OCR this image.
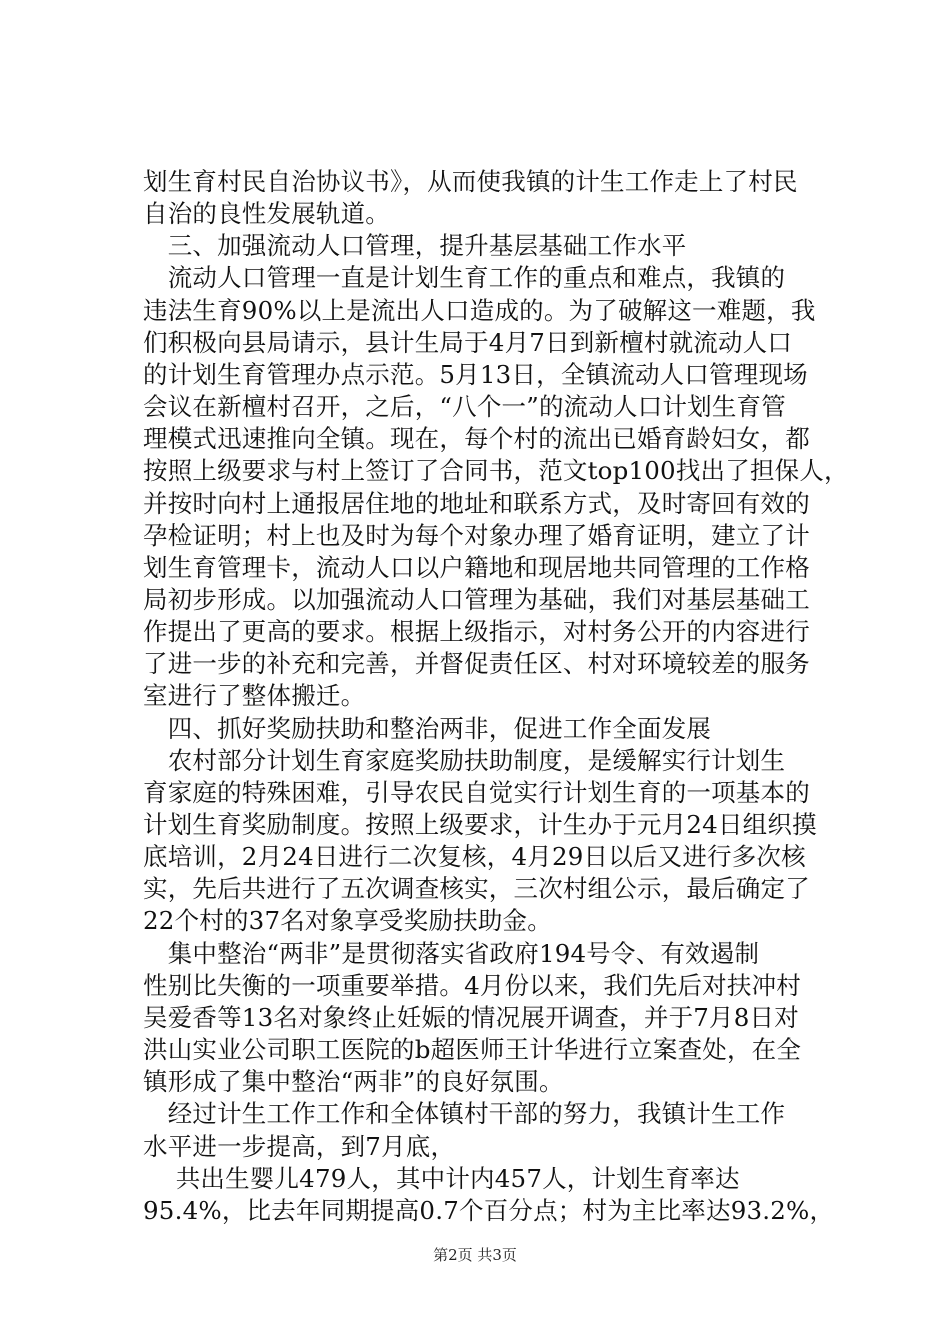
划生育村民自治协议书》，从而使我镇的计生工作走上了村民

自治的良性发展轨道。

　三、加强流动人口管理，提升基层基础工作水平

　流动人口管理一直是计划生育工作的重点和难点，我镇的

违法生育90%以上是流出人口造成的。为了破解这一难题，我

们积极向县局请示，县计生局于4月7日到新檀村就流动人口

的计划生育管理办点示范。5月13日，全镇流动人口管理现场

会议在新檀村召开，之后，“八个一”的流动人口计划生育管

理模式迅速推向全镇。现在，每个村的流出已婚育龄妇女，都

按照上级要求与村上签订了合同书，范文top100找出了担保人，

并按时向村上通报居住地的地址和联系方式，及时寄回有效的

孕检证明；村上也及时为每个对象办理了婚育证明，建立了计

划生育管理卡，流动人口以户籍地和现居地共同管理的工作格

局初步形成。以加强流动人口管理为基础，我们对基层基础工

作提出了更高的要求。根据上级指示，对村务公开的内容进行

了进一步的补充和完善，并督促责任区、村对环境较差的服务

室进行了整体搬迁。

　四、抓好奖励扶助和整治两非，促进工作全面发展

　农村部分计划生育家庭奖励扶助制度，是缓解实行计划生

育家庭的特殊困难，引导农民自觉实行计划生育的一项基本的

计划生育奖励制度。按照上级要求，计生办于元月24日组织摸

底培训，2月24日进行二次复核，4月29日以后又进行多次核

实，先后共进行了五次调查核实，三次村组公示，最后确定了

22个村的37名对象享受奖励扶助金。

　集中整治“两非”是贯彻落实省政府194号令、有效遏制

性别比失衡的一项重要举措。4月份以来，我们先后对扶冲村

吴爱香等13名对象终止妊娠的情况展开调查，并于7月8日对

洪山实业公司职工医院的b超医师王计华进行立案查处，在全

镇形成了集中整治“两非”的良好氛围。

　经过计生工作工作和全体镇村干部的努力，我镇计生工作

水平进一步提高，到7月底，

　 共出生婴儿479人，其中计内457人，计划生育率达

95.4%，比去年同期提高0.7个百分点；村为主比率达93.2%，

第2页 共3页
